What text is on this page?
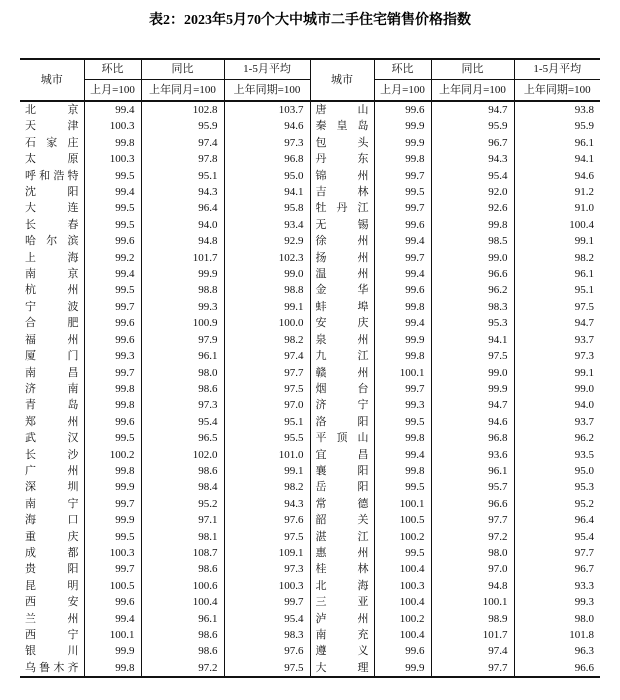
表2：2023年5月70个大中城市二手住宅销售价格指数
城市	环比	同比	1-5月平均	城市	环比	同比	1-5月平均
	上月=100	上年同月=100	上年同期=100		上月=100	上年同月=100	上年同期=100

北京	99.4	102.8	103.7	唐山	99.6	94.7	93.8

天津	100.3	95.9	94.6	秦皇岛	99.9	95.9	95.9

石家庄	99.8	97.4	97.3	包头	99.9	96.7	96.1

太原	100.3	97.8	96.8	丹东	99.8	94.3	94.1

呼和浩特	99.5	95.1	95.0	锦州	99.7	95.4	94.6

沈阳	99.4	94.3	94.1	吉林	99.5	92.0	91.2

大连	99.5	96.4	95.8	牡丹江	99.7	92.6	91.0

长春	99.5	94.0	93.4	无锡	99.6	99.8	100.4

哈尔滨	99.6	94.8	92.9	徐州	99.4	98.5	99.1

上海	99.2	101.7	102.3	扬州	99.7	99.0	98.2

南京	99.4	99.9	99.0	温州	99.4	96.6	96.1

杭州	99.5	98.8	98.8	金华	99.6	96.2	95.1

宁波	99.7	99.3	99.1	蚌埠	99.8	98.3	97.5

合肥	99.6	100.9	100.0	安庆	99.4	95.3	94.7

福州	99.6	97.9	98.2	泉州	99.9	94.1	93.7

厦门	99.3	96.1	97.4	九江	99.8	97.5	97.3

南昌	99.7	98.0	97.7	赣州	100.1	99.0	99.1

济南	99.8	98.6	97.5	烟台	99.7	99.9	99.0

青岛	99.8	97.3	97.0	济宁	99.3	94.7	94.0

郑州	99.6	95.4	95.1	洛阳	99.5	94.6	93.7

武汉	99.5	96.5	95.5	平顶山	99.8	96.8	96.2

长沙	100.2	102.0	101.0	宜昌	99.4	93.6	93.5

广州	99.8	98.6	99.1	襄阳	99.8	96.1	95.0

深圳	99.9	98.4	98.2	岳阳	99.5	95.7	95.3

南宁	99.7	95.2	94.3	常德	100.1	96.6	95.2

海口	99.9	97.1	97.6	韶关	100.5	97.7	96.4

重庆	99.5	98.1	97.5	湛江	100.2	97.2	95.4

成都	100.3	108.7	109.1	惠州	99.5	98.0	97.7

贵阳	99.7	98.6	97.3	桂林	100.4	97.0	96.7

昆明	100.5	100.6	100.3	北海	100.3	94.8	93.3

西安	99.6	100.4	99.7	三亚	100.4	100.1	99.3

兰州	99.4	96.1	95.4	泸州	100.2	98.9	98.0

西宁	100.1	98.6	98.3	南充	100.4	101.7	101.8

银川	99.9	98.6	97.6	遵义	99.6	97.4	96.3

乌鲁木齐	99.8	97.2	97.5	大理	99.9	97.7	96.6
